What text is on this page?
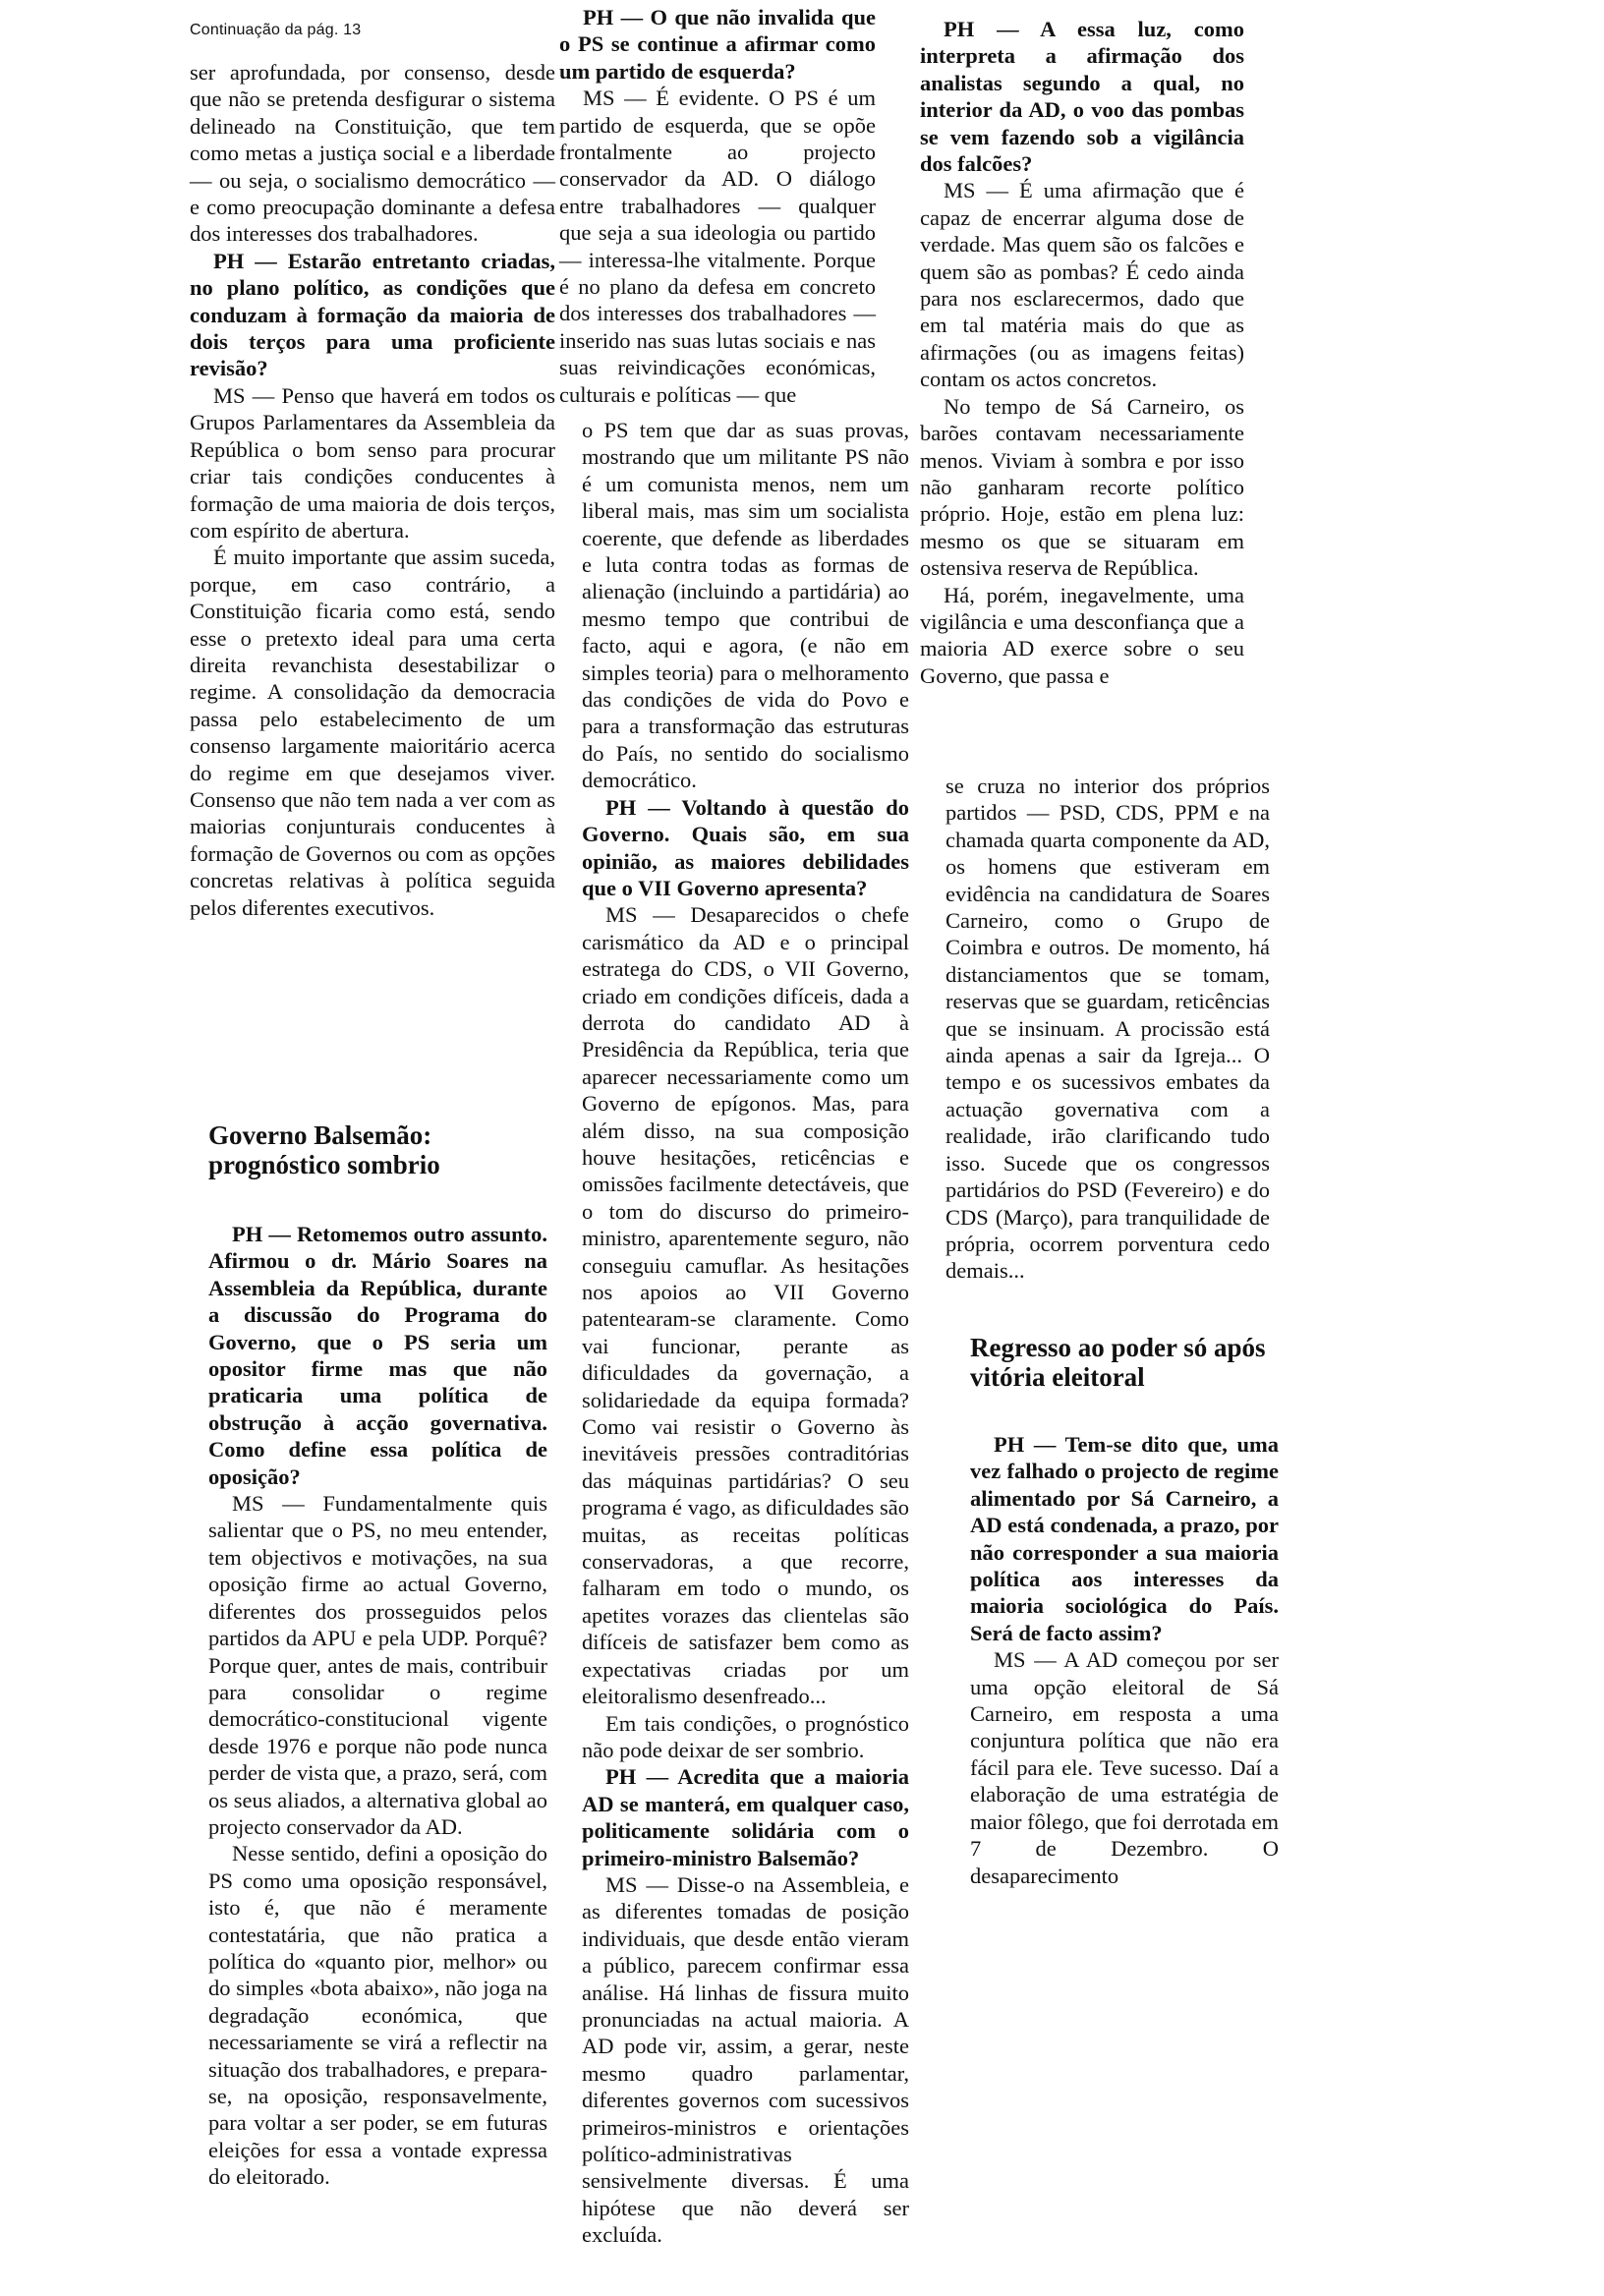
Continuação da pág. 13

ser aprofundada, por consenso, desde que não se pretenda desfigurar o sistema delineado na Constituição, que tem como metas a justiça social e a liberdade — ou seja, o socialismo democrático — e como preocupação dominante a defesa dos interesses dos trabalhadores.

PH — Estarão entretanto criadas, no plano político, as condições que conduzam à formação da maioria de dois terços para uma proficiente revisão?

MS — Penso que haverá em todos os Grupos Parlamentares da Assembleia da República o bom senso para procurar criar tais condições conducentes à formação de uma maioria de dois terços, com espírito de abertura.

É muito importante que assim suceda, porque, em caso contrário, a Constituição ficaria como está, sendo esse o pretexto ideal para uma certa direita revanchista desestabilizar o regime. A consolidação da democracia passa pelo estabelecimento de um consenso largamente maioritário acerca do regime em que desejamos viver. Consenso que não tem nada a ver com as maiorias conjunturais conducentes à formação de Governos ou com as opções concretas relativas à política seguida pelos diferentes executivos.

Governo Balsemão: prognóstico sombrio

PH — Retomemos outro assunto. Afirmou o dr. Mário Soares na Assembleia da República, durante a discussão do Programa do Governo, que o PS seria um opositor firme mas que não praticaria uma política de obstrução à acção governativa. Como define essa política de oposição?

MS — Fundamentalmente quis salientar que o PS, no meu entender, tem objectivos e motivações, na sua oposição firme ao actual Governo, diferentes dos prosseguidos pelos partidos da APU e pela UDP. Porquê? Porque quer, antes de mais, contribuir para consolidar o regime democrático-constitucional vigente desde 1976 e porque não pode nunca perder de vista que, a prazo, será, com os seus aliados, a alternativa global ao projecto conservador da AD.

Nesse sentido, defini a oposição do PS como uma oposição responsável, isto é, que não é meramente contestatária, que não pratica a política do «quanto pior, melhor» ou do simples «bota abaixo», não joga na degradação económica, que necessariamente se virá a reflectir na situação dos trabalhadores, e prepara-se, na oposição, responsavelmente, para voltar a ser poder, se em futuras eleições for essa a vontade expressa do eleitorado.

PH — O que não invalida que o PS se continue a afirmar como um partido de esquerda?

MS — É evidente. O PS é um partido de esquerda, que se opõe frontalmente ao projecto conservador da AD. O diálogo entre trabalhadores — qualquer que seja a sua ideologia ou partido — interessa-lhe vitalmente. Porque é no plano da defesa em concreto dos interesses dos trabalhadores — inserido nas suas lutas sociais e nas suas reivindicações económicas, culturais e políticas — que

o PS tem que dar as suas provas, mostrando que um militante PS não é um comunista menos, nem um liberal mais, mas sim um socialista coerente, que defende as liberdades e luta contra todas as formas de alienação (incluindo a partidária) ao mesmo tempo que contribui de facto, aqui e agora, (e não em simples teoria) para o melhoramento das condições de vida do Povo e para a transformação das estruturas do País, no sentido do socialismo democrático.

PH — Voltando à questão do Governo. Quais são, em sua opinião, as maiores debilidades que o VII Governo apresenta?

MS — Desaparecidos o chefe carismático da AD e o principal estratega do CDS, o VII Governo, criado em condições difíceis, dada a derrota do candidato AD à Presidência da República, teria que aparecer necessariamente como um Governo de epígonos. Mas, para além disso, na sua composição houve hesitações, reticências e omissões facilmente detectáveis, que o tom do discurso do primeiro-ministro, aparentemente seguro, não conseguiu camuflar. As hesitações nos apoios ao VII Governo patentearam-se claramente. Como vai funcionar, perante as dificuldades da governação, a solidariedade da equipa formada? Como vai resistir o Governo às inevitáveis pressões contraditórias das máquinas partidárias? O seu programa é vago, as dificuldades são muitas, as receitas políticas conservadoras, a que recorre, falharam em todo o mundo, os apetites vorazes das clientelas são difíceis de satisfazer bem como as expectativas criadas por um eleitoralismo desenfreado...

Em tais condições, o prognóstico não pode deixar de ser sombrio.

PH — Acredita que a maioria AD se manterá, em qualquer caso, politicamente solidária com o primeiro-ministro Balsemão?

MS — Disse-o na Assembleia, e as diferentes tomadas de posição individuais, que desde então vieram a público, parecem confirmar essa análise. Há linhas de fissura muito pronunciadas na actual maioria. A AD pode vir, assim, a gerar, neste mesmo quadro parlamentar, diferentes governos com sucessivos primeiros-ministros e orientações político-administrativas sensivelmente diversas. É uma hipótese que não deverá ser excluída.

PH — A essa luz, como interpreta a afirmação dos analistas segundo a qual, no interior da AD, o voo das pombas se vem fazendo sob a vigilância dos falcões?

MS — É uma afirmação que é capaz de encerrar alguma dose de verdade. Mas quem são os falcões e quem são as pombas? É cedo ainda para nos esclarecermos, dado que em tal matéria mais do que as afirmações (ou as imagens feitas) contam os actos concretos.

No tempo de Sá Carneiro, os barões contavam necessariamente menos. Viviam à sombra e por isso não ganharam recorte político próprio. Hoje, estão em plena luz: mesmo os que se situaram em ostensiva reserva de República.

Há, porém, inegavelmente, uma vigilância e uma desconfiança que a maioria AD exerce sobre o seu Governo, que passa e

se cruza no interior dos próprios partidos — PSD, CDS, PPM e na chamada quarta componente da AD, os homens que estiveram em evidência na candidatura de Soares Carneiro, como o Grupo de Coimbra e outros. De momento, há distanciamentos que se tomam, reservas que se guardam, reticências que se insinuam. A procissão está ainda apenas a sair da Igreja... O tempo e os sucessivos embates da actuação governativa com a realidade, irão clarificando tudo isso. Sucede que os congressos partidários do PSD (Fevereiro) e do CDS (Março), para tranquilidade de própria, ocorrem porventura cedo demais...

Regresso ao poder só após vitória eleitoral

PH — Tem-se dito que, uma vez falhado o projecto de regime alimentado por Sá Carneiro, a AD está condenada, a prazo, por não corresponder a sua maioria política aos interesses da maioria sociológica do País. Será de facto assim?

MS — A AD começou por ser uma opção eleitoral de Sá Carneiro, em resposta a uma conjuntura política que não era fácil para ele. Teve sucesso. Daí a elaboração de uma estratégia de maior fôlego, que foi derrotada em 7 de Dezembro. O desaparecimento
